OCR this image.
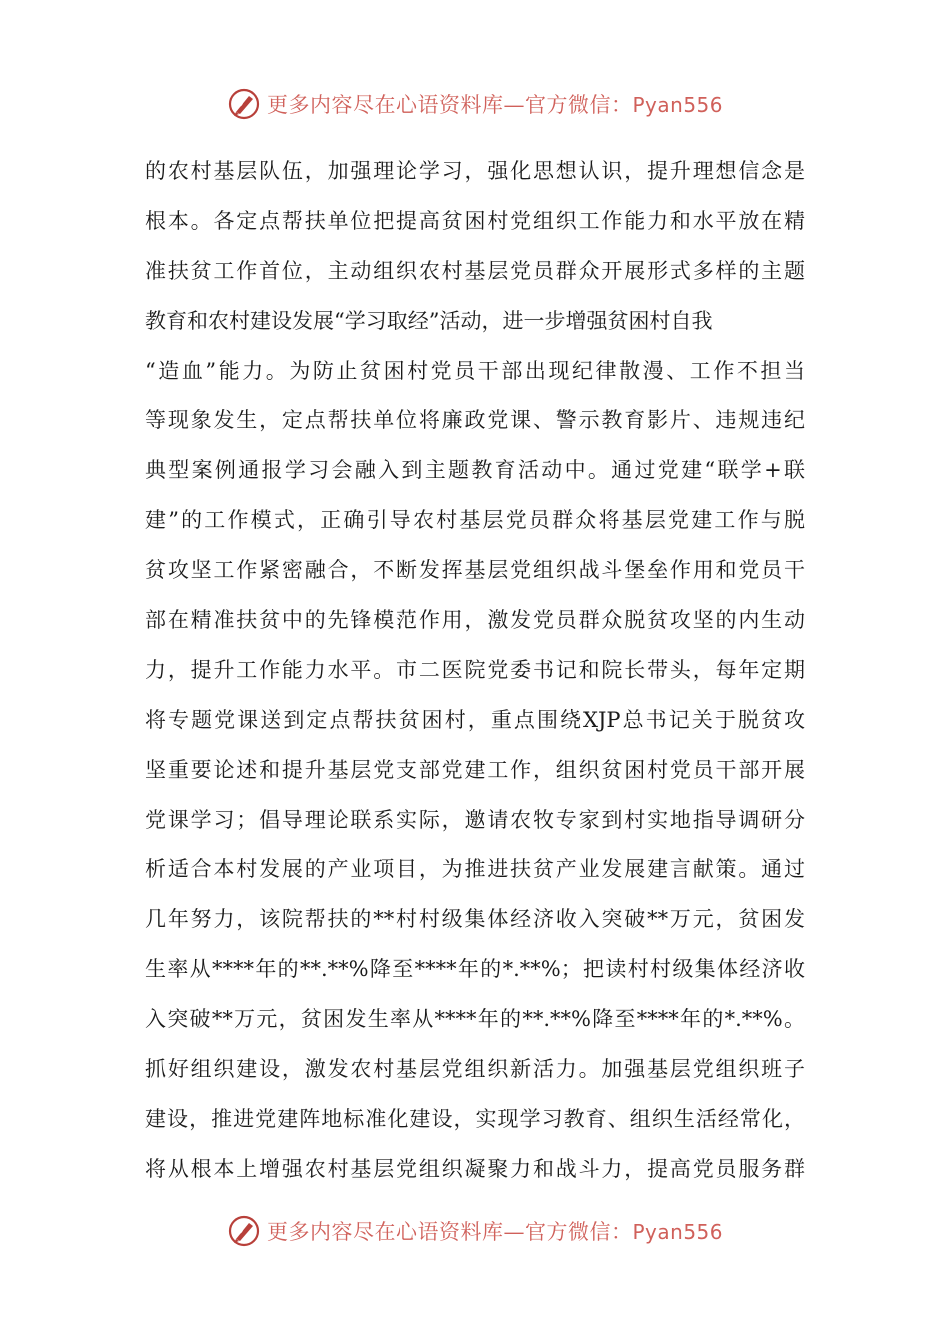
更多内容尽在心语资料库—官方微信：Pyan556
的农村基层队伍，加强理论学习，强化思想认识，提升理想信念是
根本。各定点帮扶单位把提高贫困村党组织工作能力和水平放在精
准扶贫工作首位，主动组织农村基层党员群众开展形式多样的主题
教育和农村建设发展“学习取经”活动，进一步增强贫困村自我
“造血”能力。为防止贫困村党员干部出现纪律散漫、工作不担当
等现象发生，定点帮扶单位将廉政党课、警示教育影片、违规违纪
典型案例通报学习会融入到主题教育活动中。通过党建“联学+联
建”的工作模式，正确引导农村基层党员群众将基层党建工作与脱
贫攻坚工作紧密融合，不断发挥基层党组织战斗堡垒作用和党员干
部在精准扶贫中的先锋模范作用，激发党员群众脱贫攻坚的内生动
力，提升工作能力水平。市二医院党委书记和院长带头，每年定期
将专题党课送到定点帮扶贫困村，重点围绕XJP总书记关于脱贫攻
坚重要论述和提升基层党支部党建工作，组织贫困村党员干部开展
党课学习；倡导理论联系实际，邀请农牧专家到村实地指导调研分
析适合本村发展的产业项目，为推进扶贫产业发展建言献策。通过
几年努力，该院帮扶的**村村级集体经济收入突破**万元，贫困发
生率从****年的**.**%降至****年的*.**%；把读村村级集体经济收
入突破**万元，贫困发生率从****年的**.**%降至****年的*.**%。
抓好组织建设，激发农村基层党组织新活力。加强基层党组织班子
建设，推进党建阵地标准化建设，实现学习教育、组织生活经常化，
将从根本上增强农村基层党组织凝聚力和战斗力，提高党员服务群
更多内容尽在心语资料库—官方微信：Pyan556
